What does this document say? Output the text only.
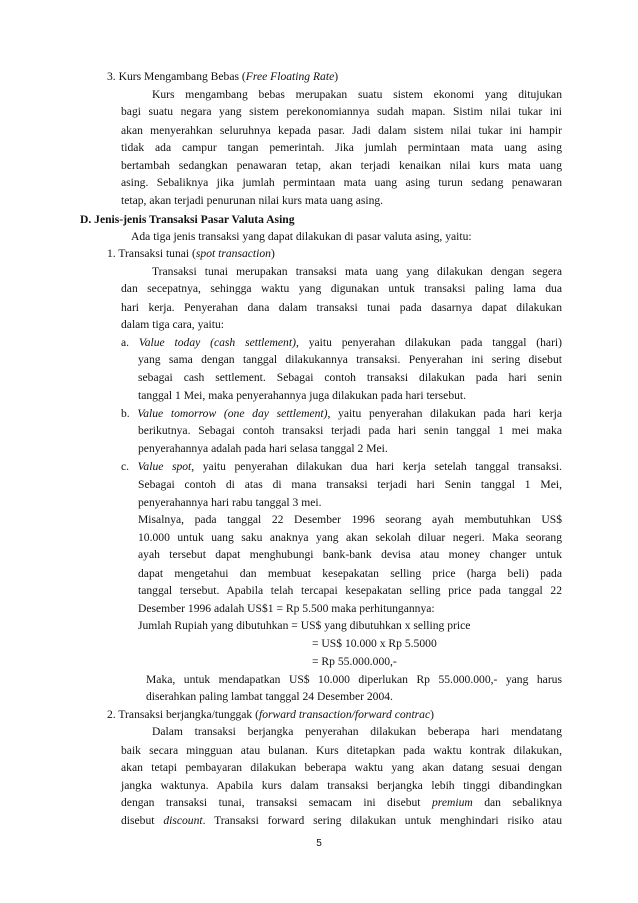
3. Kurs Mengambang Bebas (Free Floating Rate)
Kurs mengambang bebas merupakan suatu sistem ekonomi yang ditujukan
bagi suatu negara yang sistem perekonomiannya sudah mapan. Sistim nilai tukar ini
akan menyerahkan seluruhnya kepada pasar. Jadi dalam sistem nilai tukar ini hampir
tidak ada campur tangan pemerintah. Jika jumlah permintaan mata uang asing
bertambah sedangkan penawaran tetap, akan terjadi kenaikan nilai kurs mata uang
asing. Sebaliknya jika jumlah permintaan mata uang asing turun sedang penawaran
tetap, akan terjadi penurunan nilai kurs mata uang asing.
Ada tiga jenis transaksi yang dapat dilakukan di pasar valuta asing, yaitu:
1. Transaksi tunai (spot transaction)
Transaksi tunai merupakan transaksi mata uang yang dilakukan dengan segera
dan secepatnya, sehingga waktu yang digunakan untuk transaksi paling lama dua
hari kerja. Penyerahan dana dalam transaksi tunai pada dasarnya dapat dilakukan
dalam tiga cara, yaitu:
a. Value today (cash settlement), yaitu penyerahan dilakukan pada tanggal (hari)
yang sama dengan tanggal dilakukannya transaksi. Penyerahan ini sering disebut
sebagai cash settlement. Sebagai contoh transaksi dilakukan pada hari senin
tanggal 1 Mei, maka penyerahannya juga dilakukan pada hari tersebut.
b. Value tomorrow (one day settlement), yaitu penyerahan dilakukan pada hari kerja
berikutnya. Sebagai contoh transaksi terjadi pada hari senin tanggal 1 mei maka
penyerahannya adalah pada hari selasa tanggal 2 Mei.
c. Value spot, yaitu penyerahan dilakukan dua hari kerja setelah tanggal transaksi.
Sebagai contoh di atas di mana transaksi terjadi hari Senin tanggal 1 Mei,
penyerahannya hari rabu tanggal 3 mei.
Misalnya, pada tanggal 22 Desember 1996 seorang ayah membutuhkan US$
10.000 untuk uang saku anaknya yang akan sekolah diluar negeri. Maka seorang
ayah tersebut dapat menghubungi bank-bank devisa atau money changer untuk
dapat mengetahui dan membuat kesepakatan selling price (harga beli) pada
tanggal tersebut. Apabila telah tercapai kesepakatan selling price pada tanggal 22
Desember 1996 adalah US$1 = Rp 5.500 maka perhitungannya:
Jumlah Rupiah yang dibutuhkan = US$ yang dibutuhkan x selling price
= US$ 10.000 x Rp 5.5000
= Rp 55.000.000,-
Maka, untuk mendapatkan US$ 10.000 diperlukan Rp 55.000.000,- yang harus
diserahkan paling lambat tanggal 24 Desember 2004.
2. Transaksi berjangka/tunggak (forward transaction/forward contrac)
Dalam transaksi berjangka penyerahan dilakukan beberapa hari mendatang
baik secara mingguan atau bulanan. Kurs ditetapkan pada waktu kontrak dilakukan,
akan tetapi pembayaran dilakukan beberapa waktu yang akan datang sesuai dengan
jangka waktunya. Apabila kurs dalam transaksi berjangka lebih tinggi dibandingkan
dengan transaksi tunai, transaksi semacam ini disebut premium dan sebaliknya
disebut discount. Transaksi forward sering dilakukan untuk menghindari risiko atau
D. Jenis-jenis Transaksi Pasar Valuta Asing
5
